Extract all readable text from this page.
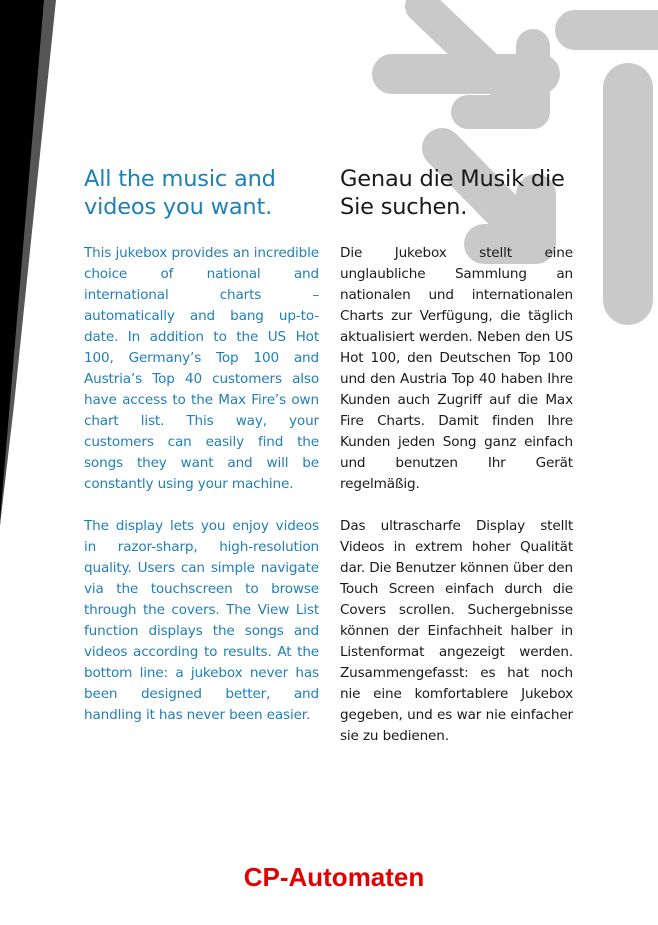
All the music and videos you want.

This jukebox provides an incredible choice of national and international charts – automatically and bang up-to-date. In addition to the US Hot 100, Germany’s Top 100 and Austria’s Top 40 customers also have access to the Max Fire’s own chart list. This way, your customers can easily find the songs they want and will be constantly using your machine.

The display lets you enjoy videos in razor-sharp, high-resolution quality. Users can simple navigate via the touchscreen to browse through the covers. The View List function displays the songs and videos according to results. At the bottom line: a jukebox never has been designed better, and handling it has never been easier.

Genau die Musik die Sie suchen.

Die Jukebox stellt eine unglaubliche Sammlung an nationalen und internationalen Charts zur Verfügung, die täglich aktualisiert werden. Neben den US Hot 100, den Deutschen Top 100 und den Austria Top 40 haben Ihre Kunden auch Zugriff auf die Max Fire Charts. Damit finden Ihre Kunden jeden Song ganz einfach und benutzen Ihr Gerät regelmäßig.

Das ultrascharfe Display stellt Videos in extrem hoher Qualität dar. Die Benutzer können über den Touch Screen einfach durch die Covers scrollen. Suchergebnisse können der Einfachheit halber in Listenformat angezeigt werden. Zusammengefasst: es hat noch nie eine komfortablere Jukebox gegeben, und es war nie einfacher sie zu bedienen.

CP-Automaten
